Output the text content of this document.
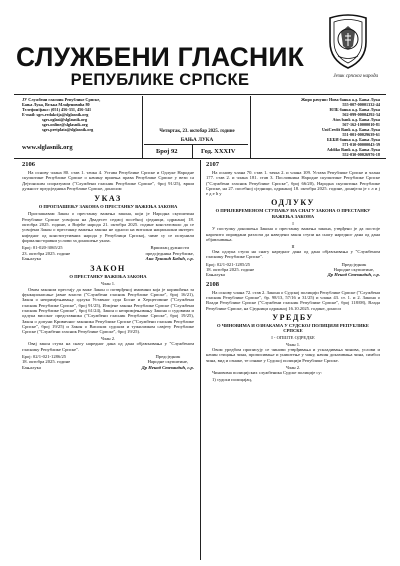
СЛУЖБЕНИ ГЛАСНИК
РЕПУБЛИКЕ СРПСКЕ	Језик српског народа
ЈУ Службени гласник Републике Српске,
Бања Лука, Вељка Млађеновића 80
Телефон/факс: (051) 456-331, 456-341
E-mail: sgrs.redakcija@slglasnik.org
sgrs.oglasi@slglasnik.org
sgrs.online@slglasnik.org
sgrs.pretplata@slglasnik.org
www.slglasnik.org
Четвртак, 23. октобар 2025. године
БАЊА ЛУКА
Број 92	Год. XXXIV
Жиро рачуни: Нова банка а.д. Бања Лука
555-007-00001332-44
НЛБ банка а.д. Бања Лука
562-099-00004292-34
Atos bank а.д. Бања Лука
567-162-10000010-81
UniCredit Bank а.д. Бања Лука
551-001-00029639-61
БББИ банка а.д. Бања Лука
571-010-00000043-39
Addiko Bank а.д. Бања Лука
552-030-00026976-18
2106

На основу члана 80. став 1. тачка 4. Устава Републике Српске и Одлуке Народне скупштине Републике Српске о начину вршења права Републике Српске у вези са Дејтонским споразумом ("Службени гласник Републике Српске", број 91/25), врши дужност предсједника Републике Српске, доносим

УКАЗ
О ПРОГЛАШЕЊУ ЗАКОНА О ПРЕСТАНКУ ВАЖЕЊА ЗАКОНА

Проглашавам Закон о престанку важења закона, који је Народна скупштина Републике Српске усвојила на Двадесет седмој посебној сједници, одржаној 18. октобра 2025. године, а Вијеће народа 21. октобра 2025. године констатовало да се усвојени Закон о престанку важења закона не односи на витални национални интерес ниједног од конститутивних народа у Републици Српској, чиме су се испунили формално-правни услови за доношење указа.

Број: 01-020-3065/25
23. октобра 2025. године
Бањалука
Вршилац дужности
предсједника Републике,
Ана Тришић Бабић, с.р.
ЗАКОН
О ПРЕСТАНКУ ВАЖЕЊА ЗАКОНА
Члан 1.

Овим законом престају да важе Закон о потврђеној имовини која је коришћена за функционисање јавне власти ("Службени гласник Републике Српске", број 16/21), Закон о непримјењивању одлука Уставног суда Босне и Херцеговине ("Службени гласник Републике Српске", број 91/25), Измјене закона Републике Српске ("Службени гласник Републике Српске", број 61/24), Закон о непримјењивању Закона о судовима и одлука високог представника ("Службени гласник Републике Српске", број 19/25), Закон о допуни Кривичног законика Републике Српске ("Службени гласник Републике Српске", број 19/25) и Закон о Високом судском и тужилачком савјету Републике Српске ("Службени гласник Републике Српске", број 19/25).

Члан 2.

Овај закон ступа на снагу наредног дана од дана објављивања у "Службеном гласнику Републике Српске".

Број: 02/1-021-1286/25
18. октобра 2025. године
Бањалука
Предсједник
Народне скупштине,
Др Ненад Стевандић, с.р.
2107

На основу члана 70. став 1. тачка 2. и члана 109. Устава Републике Српске и члана 177. став 2. и члана 181. став 3. Пословника Народне скупштине Републике Српске ("Службени гласник Републике Српске", број 66/20), Народна скупштина Републике Српске, на 27. посебној сједници, одржаној 18. октобра 2025. године, донијела је с л и ј е д е ћ у

ОДЛУКУ
О ПРИЈЕВРЕМЕНОМ СТУПАЊУ НА СНАГУ ЗАКОНА О ПРЕСТАНКУ ВАЖЕЊА ЗАКОНА
I

У поступку доношења Закона о престанку важења закона, утврђено је да постоје нарочито оправдани разлози да наведени закон ступи на снагу наредног дана од дана објављивања.

II

Ова одлука ступа на снагу наредног дана од дана објављивања у "Службеном гласнику Републике Српске".

Број: 02/1-021-1285/25
18. октобра 2025. године
Бањалука
Предсједник
Народне скупштине,
Др Ненад Стевандић, с.р.
2108

На основу члана 72. став 2. Закона о Судској полицији Републике Српске ("Службени гласник Републике Српске", бр. 98/13, 57/16 и 31/25) и члана 43. ст. 1. и 2. Закона о Влади Републике Српске ("Службени гласник Републике Српске", број 118/08), Влада Републике Српске, на Сједници одржаној 16.10.2025. године, доноси

УРЕДБУ
О ЧИНОВИМА И ОЗНАКАМА У СУДСКОЈ ПОЛИЦИЈИ РЕПУБЛИКЕ СРПСКЕ
I - ОПШТЕ ОДРЕДБЕ
Члан 1.

Овом уредбом прописују се чинови утврђивања и ускладивања чинова, услови и начин стицања чина, прописивање и уништење у чину, начин доказивања чина, симбол чина, вид и ознаке, те ознаке у Судској полицији Републике Српске.

Члан 2.

Чиновима полицијских службеника Судске полиције су:

1) судски полицајац,
